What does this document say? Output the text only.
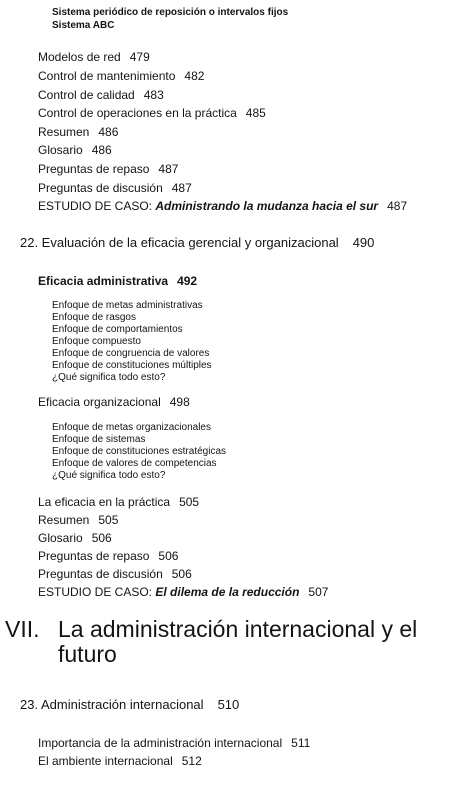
Sistema periódico de reposición o intervalos fijos
Sistema ABC
Modelos de red 479
Control de mantenimiento 482
Control de calidad 483
Control de operaciones en la práctica 485
Resumen 486
Glosario 486
Preguntas de repaso 487
Preguntas de discusión 487
ESTUDIO DE CASO: Administrando la mudanza hacia el sur 487
22. Evaluación de la eficacia gerencial y organizacional 490
Eficacia administrativa 492
Enfoque de metas administrativas
Enfoque de rasgos
Enfoque de comportamientos
Enfoque compuesto
Enfoque de congruencia de valores
Enfoque de constituciones múltiples
¿Qué significa todo esto?
Eficacia organizacional 498
Enfoque de metas organizacionales
Enfoque de sistemas
Enfoque de constituciones estratégicas
Enfoque de valores de competencias
¿Qué significa todo esto?
La eficacia en la práctica 505
Resumen 505
Glosario 506
Preguntas de repaso 506
Preguntas de discusión 506
ESTUDIO DE CASO: El dilema de la reducción 507
VII. La administración internacional y el futuro
23. Administración internacional 510
Importancia de la administración internacional 511
El ambiente internacional 512
